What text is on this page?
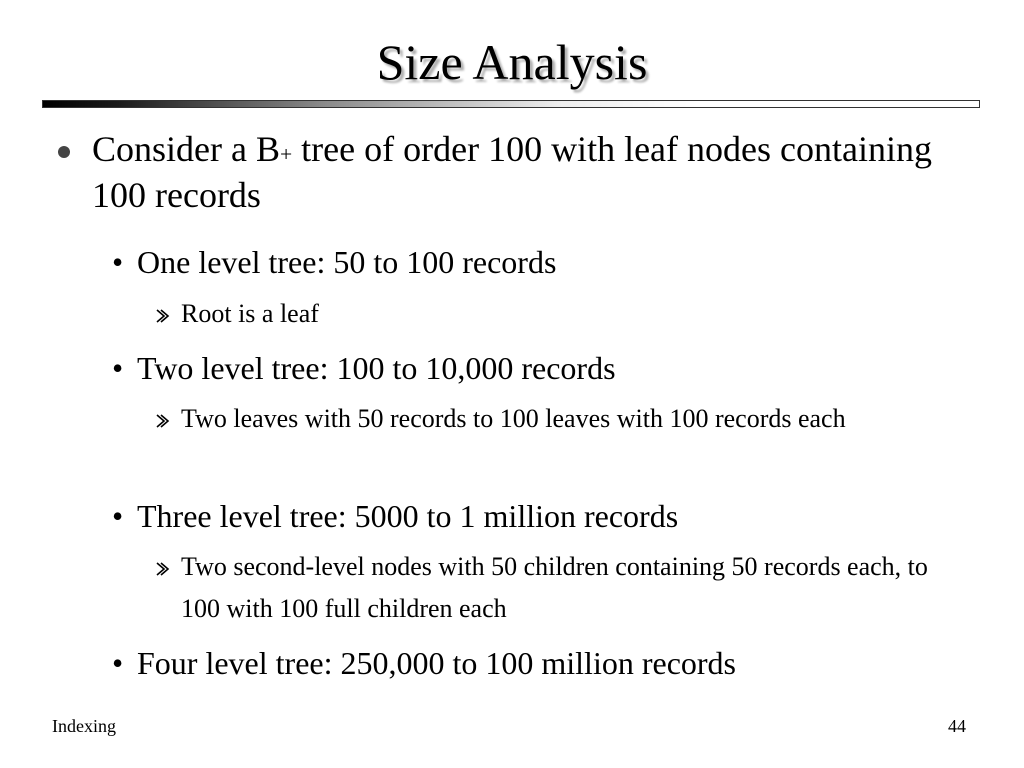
Size Analysis
Consider a B+ tree of order 100 with leaf nodes containing 100 records
• One level tree: 50 to 100 records
Root is a leaf
• Two level tree: 100 to 10,000 records
Two leaves with 50 records to 100 leaves with 100 records each
• Three level tree: 5000 to 1 million records
Two second-level nodes with 50 children containing 50 records each, to 100 with 100 full children each
• Four level tree: 250,000 to 100 million records
Indexing	44
